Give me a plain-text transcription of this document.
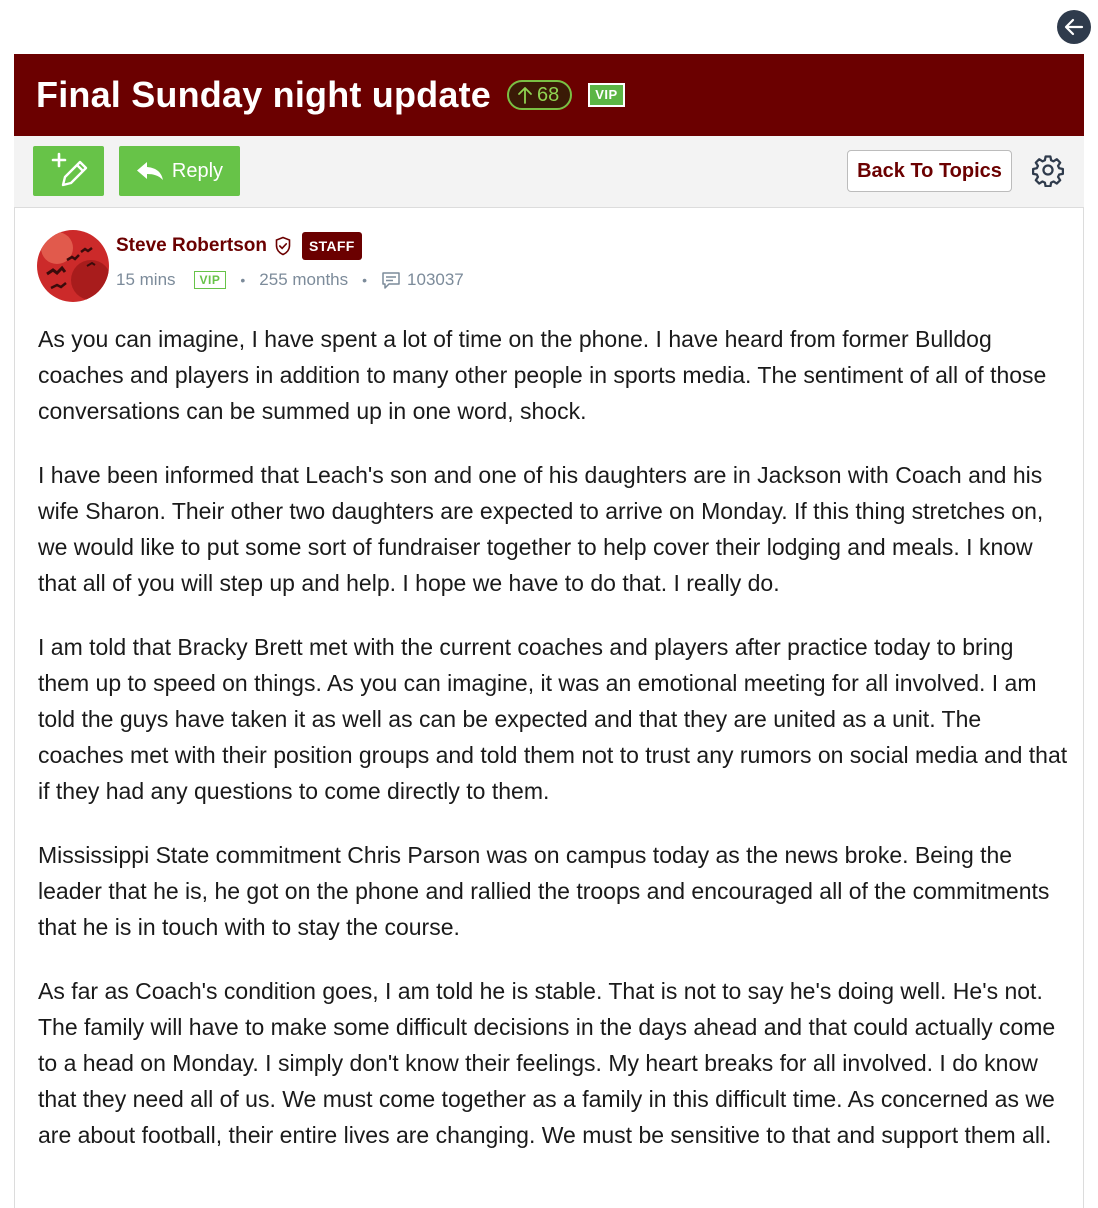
Final Sunday night update 68	VIP
Reply	Back To Topics
Steve Robertson	STAFF
15 mins	VIP	• 255 months • 103037

As you can imagine, I have spent a lot of time on the phone. I have heard from former Bulldog coaches and players in addition to many other people in sports media. The sentiment of all of those conversations can be summed up in one word, shock.

I have been informed that Leach's son and one of his daughters are in Jackson with Coach and his wife Sharon. Their other two daughters are expected to arrive on Monday. If this thing stretches on, we would like to put some sort of fundraiser together to help cover their lodging and meals. I know that all of you will step up and help. I hope we have to do that. I really do.

I am told that Bracky Brett met with the current coaches and players after practice today to bring them up to speed on things. As you can imagine, it was an emotional meeting for all involved. I am told the guys have taken it as well as can be expected and that they are united as a unit. The coaches met with their position groups and told them not to trust any rumors on social media and that if they had any questions to come directly to them.

Mississippi State commitment Chris Parson was on campus today as the news broke. Being the leader that he is, he got on the phone and rallied the troops and encouraged all of the commitments that he is in touch with to stay the course.

As far as Coach's condition goes, I am told he is stable. That is not to say he's doing well. He's not. The family will have to make some difficult decisions in the days ahead and that could actually come to a head on Monday. I simply don't know their feelings. My heart breaks for all involved. I do know that they need all of us. We must come together as a family in this difficult time. As concerned as we are about football, their entire lives are changing. We must be sensitive to that and support them all.
